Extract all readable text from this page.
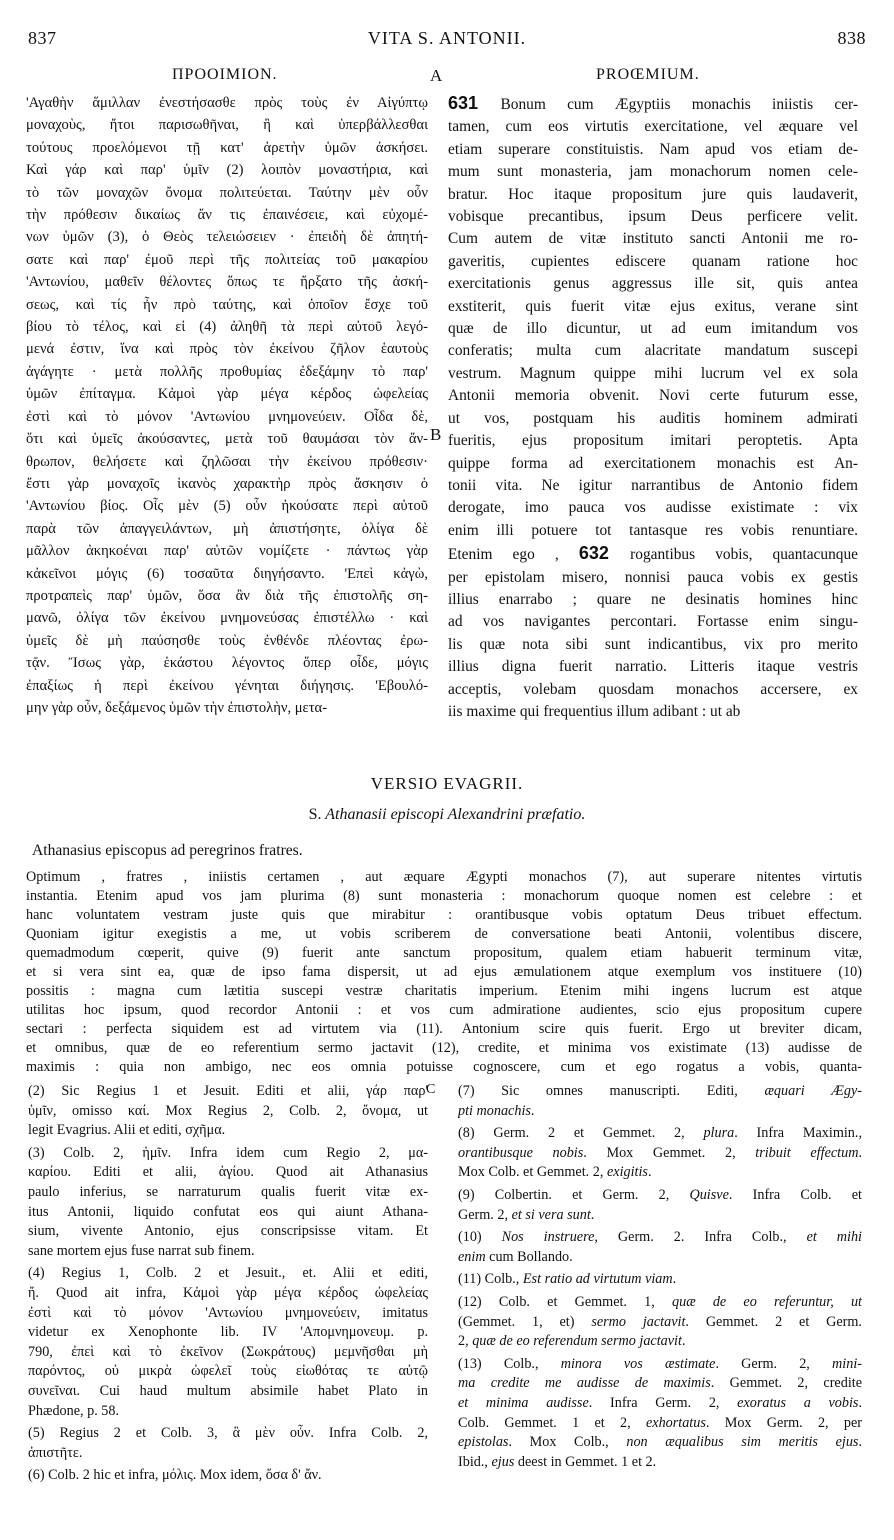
837	VITA S. ANTONII.	838
ΠΡΟΟΙΜΙΟΝ.	A	PROŒMIUM.
'Αγαθὴν ἅμιλλαν ἐνεστήσασθε πρὸς τοὺς ἐν Αἰγύπτῳ
μοναχοὺς, ἤτοι παρισωθῆναι, ἢ καὶ ὑπερβάλλεσθαι
τούτους προελόμενοι τῇ κατ' ἀρετὴν ὑμῶν ἀσκήσει.
Καὶ γάρ καὶ παρ' ὑμῖν (2) λοιπὸν μοναστήρια, καὶ
τὸ τῶν μοναχῶν ὄνομα πολιτεύεται. Ταύτην μὲν οὖν
τὴν πρόθεσιν δικαίως ἄν τις ἐπαινέσειε, καὶ εὐχομέ-
νων ὑμῶν (3), ὁ Θεὸς τελειώσειεν · ἐπειδὴ δὲ ἀπητή-
σατε καὶ παρ' ἐμοῦ περὶ τῆς πολιτείας τοῦ μακαρίου
'Αντωνίου, μαθεῖν θέλοντες ὅπως τε ἤρξατο τῆς ἀσκή-
σεως, καὶ τίς ἦν πρὸ ταύτης, καὶ ὁποῖον ἔσχε τοῦ
βίου τὸ τέλος, καὶ εἰ (4) ἀληθῆ τὰ περὶ αὐτοῦ λεγό-
μενά ἐστιν, ἵνα καὶ πρὸς τὸν ἐκείνου ζῆλον ἑαυτοὺς
ἀγάγητε · μετὰ πολλῆς προθυμίας ἐδεξάμην τὸ παρ'
ὑμῶν ἐπίταγμα. Κἀμοὶ γὰρ μέγα κέρδος ὠφελείας
ἐστὶ καὶ τὸ μόνον 'Αντωνίου μνημονεύειν. Οἶδα δὲ,
ὅτι καὶ ὑμεῖς ἀκούσαντες, μετὰ τοῦ θαυμάσαι τὸν ἄν-
θρωπον, θελήσετε καὶ ζηλῶσαι τὴν ἐκείνου πρόθεσιν·
ἔστι γὰρ μοναχοῖς ἱκανὸς χαρακτὴρ πρὸς ἄσκησιν ὁ
'Αντωνίου βίος. Οἷς μὲν (5) οὖν ἠκούσατε περὶ αὐτοῦ
παρὰ τῶν ἀπαγγειλάντων, μὴ ἀπιστήσητε, ὀλίγα δὲ
μᾶλλον ἀκηκοέναι παρ' αὐτῶν νομίζετε · πάντως γὰρ
κἀκεῖνοι μόγις (6) τοσαῦτα διηγήσαντο. 'Επεὶ κἀγὼ,
προτραπεὶς παρ' ὑμῶν, ὅσα ἂν διὰ τῆς ἐπιστολῆς ση-
μανῶ, ὀλίγα τῶν ἐκείνου μνημονεύσας ἐπιστέλλω · καὶ
ὑμεῖς δὲ μὴ παύσησθε τοὺς ἐνθένδε πλέοντας ἐρω-
τᾷν. Ἴσως γὰρ, ἑκάστου λέγοντος ὅπερ οἶδε, μόγις
ἐπαξίως ἡ περὶ ἐκείνου γένηται διήγησις. 'Εβουλό-
μην γὰρ οὖν, δεξάμενος ὑμῶν τὴν ἐπιστολὴν, μετα-
B
631 Bonum cum Ægyptiis monachis iniistis cer-
tamen, cum eos virtutis exercitatione, vel æquare vel
etiam superare constituistis. Nam apud vos etiam de-
mum sunt monasteria, jam monachorum nomen cele-
bratur. Hoc itaque propositum jure quis laudaverit,
vobisque precantibus, ipsum Deus perficere velit.
Cum autem de vitæ instituto sancti Antonii me ro-
gaveritis, cupientes ediscere quanam ratione hoc
exercitationis genus aggressus ille sit, quis antea
exstiterit, quis fuerit vitæ ejus exitus, verane sint
quæ de illo dicuntur, ut ad eum imitandum vos
conferatis; multa cum alacritate mandatum suscepi
vestrum. Magnum quippe mihi lucrum vel ex sola
Antonii memoria obvenit. Novi certe futurum esse,
ut vos, postquam his auditis hominem admirati
fueritis, ejus propositum imitari peroptetis. Apta
quippe forma ad exercitationem monachis est An-
tonii vita. Ne igitur narrantibus de Antonio fidem
derogate, imo pauca vos audisse existimate : vix
enim illi potuere tot tantasque res vobis renuntiare.
Etenim ego , 632 rogantibus vobis, quantacunque
per epistolam misero, nonnisi pauca vobis ex gestis
illius enarrabo ; quare ne desinatis homines hinc
ad vos navigantes percontari. Fortasse enim singu-
lis quæ nota sibi sunt indicantibus, vix pro merito
illius digna fuerit narratio. Litteris itaque vestris
acceptis, volebam quosdam monachos accersere, ex
iis maxime qui frequentius illum adibant : ut ab
VERSIO EVAGRII.
S. Athanasii episcopi Alexandrini præfatio.
Athanasius episcopus ad peregrinos fratres.
Optimum , fratres , iniistis certamen , aut æquare Ægypti monachos (7), aut superare nitentes virtutis
instantia. Etenim apud vos jam plurima (8) sunt monasteria : monachorum quoque nomen est celebre : et
hanc voluntatem vestram juste quis que mirabitur : orantibusque vobis optatum Deus tribuet effectum.
Quoniam igitur exegistis a me, ut vobis scriberem de conversatione beati Antonii, volentibus discere,
quemadmodum cœperit, quive (9) fuerit ante sanctum propositum, qualem etiam habuerit terminum vitæ,
et si vera sint ea, quæ de ipso fama dispersit, ut ad ejus æmulationem atque exemplum vos instituere (10)
possitis : magna cum lætitia suscepi vestræ charitatis imperium. Etenim mihi ingens lucrum est atque
utilitas hoc ipsum, quod recordor Antonii : et vos cum admiratione audientes, scio ejus propositum cupere
sectari : perfecta siquidem est ad virtutem via (11). Antonium scire quis fuerit. Ergo ut breviter dicam,
et omnibus, quæ de eo referentium sermo jactavit (12), credite, et minima vos existimate (13) audisse de
maximis : quia non ambigo, nec eos omnia potuisse cognoscere, cum et ego rogatus a vobis, quanta-
(2) Sic Regius 1 et Jesuit. Editi et alii, γάρ παρ'
ὑμῖν, omisso καί. Mox Regius 2, Colb. 2, ὄνομα, ut
legit Evagrius. Alii et editi, σχῆμα.
(3) Colb. 2, ἡμῖν. Infra idem cum Regio 2, μα-
καρίου. Editi et alii, ἁγίου. Quod ait Athanasius
paulo inferius, se narraturum qualis fuerit vitæ ex-
itus Antonii, liquido confutat eos qui aiunt Athana-
sium, vivente Antonio, ejus conscripsisse vitam. Et
sane mortem ejus fuse narrat sub finem.
(4) Regius 1, Colb. 2 et Jesuit., et. Alii et editi,
ἤ. Quod ait infra, Κἀμοὶ γὰρ μέγα κέρδος ὠφελείας
ἐστὶ καὶ τὸ μόνον 'Αντωνίου μνημονεύειν, imitatus
videtur ex Xenophonte lib. IV 'Απομνημονευμ. p.
790, ἐπεὶ καὶ τὸ ἐκεῖνον (Σωκράτους) μεμνῆσθαι μὴ
παρόντος, οὐ μικρὰ ὠφελεῖ τοὺς εἰωθότας τε αὐτῷ
συνεῖναι. Cui haud multum absimile habet Plato in
Phædone, p. 58.
(5) Regius 2 et Colb. 3, ἃ μὲν οὖν. Infra Colb. 2,
ἀπιστῆτε.
(6) Colb. 2 hic et infra, μόλις. Mox idem, ὅσα δ' ἄν.
C (7) Sic omnes manuscripti. Editi, æquari Ægy-
pti monachis.
(8) Germ. 2 et Gemmet. 2, plura. Infra Maximin.,
orantibusque nobis. Mox Gemmet. 2, tribuit effectum.
Mox Colb. et Gemmet. 2, exigitis.
(9) Colbertin. et Germ. 2, Quisve. Infra Colb. et
Germ. 2, et si vera sunt.
(10) Nos instruere, Germ. 2. Infra Colb., et mihi
enim cum Bollando.
(11) Colb., Est ratio ad virtutum viam.
(12) Colb. et Gemmet. 1, quæ de eo referuntur, ut
(Gemmet. 1, et) sermo jactavit. Gemmet. 2 et Germ.
2, quæ de eo referendum sermo jactavit.
(13) Colb., minora vos æstimate. Germ. 2, mini-
ma credite me audisse de maximis. Gemmet. 2, credite
et minima audisse. Infra Germ. 2, exoratus a vobis.
Colb. Gemmet. 1 et 2, exhortatus. Mox Germ. 2, per
epistolas. Mox Colb., non æqualibus sim meritis ejus.
Ibid., ejus deest in Gemmet. 1 et 2.
